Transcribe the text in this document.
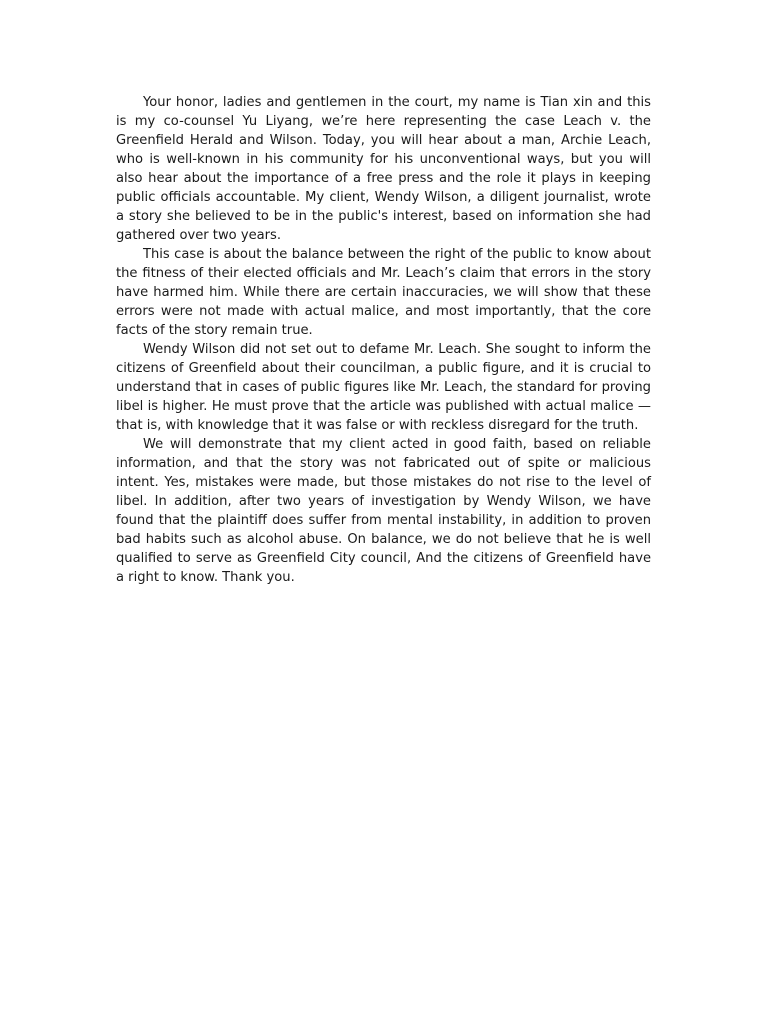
Your honor, ladies and gentlemen in the court, my name is Tian xin and this is my co-counsel Yu Liyang, we’re here representing the case Leach v. the Greenfield Herald and Wilson. Today, you will hear about a man, Archie Leach, who is well-known in his community for his unconventional ways, but you will also hear about the importance of a free press and the role it plays in keeping public officials accountable. My client, Wendy Wilson, a diligent journalist, wrote a story she believed to be in the public's interest, based on information she had gathered over two years.

This case is about the balance between the right of the public to know about the fitness of their elected officials and Mr. Leach’s claim that errors in the story have harmed him. While there are certain inaccuracies, we will show that these errors were not made with actual malice, and most importantly, that the core facts of the story remain true.

Wendy Wilson did not set out to defame Mr. Leach. She sought to inform the citizens of Greenfield about their councilman, a public figure, and it is crucial to understand that in cases of public figures like Mr. Leach, the standard for proving libel is higher. He must prove that the article was published with actual malice — that is, with knowledge that it was false or with reckless disregard for the truth.

We will demonstrate that my client acted in good faith, based on reliable information, and that the story was not fabricated out of spite or malicious intent. Yes, mistakes were made, but those mistakes do not rise to the level of libel. In addition, after two years of investigation by Wendy Wilson, we have found that the plaintiff does suffer from mental instability, in addition to proven bad habits such as alcohol abuse. On balance, we do not believe that he is well qualified to serve as Greenfield City council, And the citizens of Greenfield have a right to know. Thank you.
